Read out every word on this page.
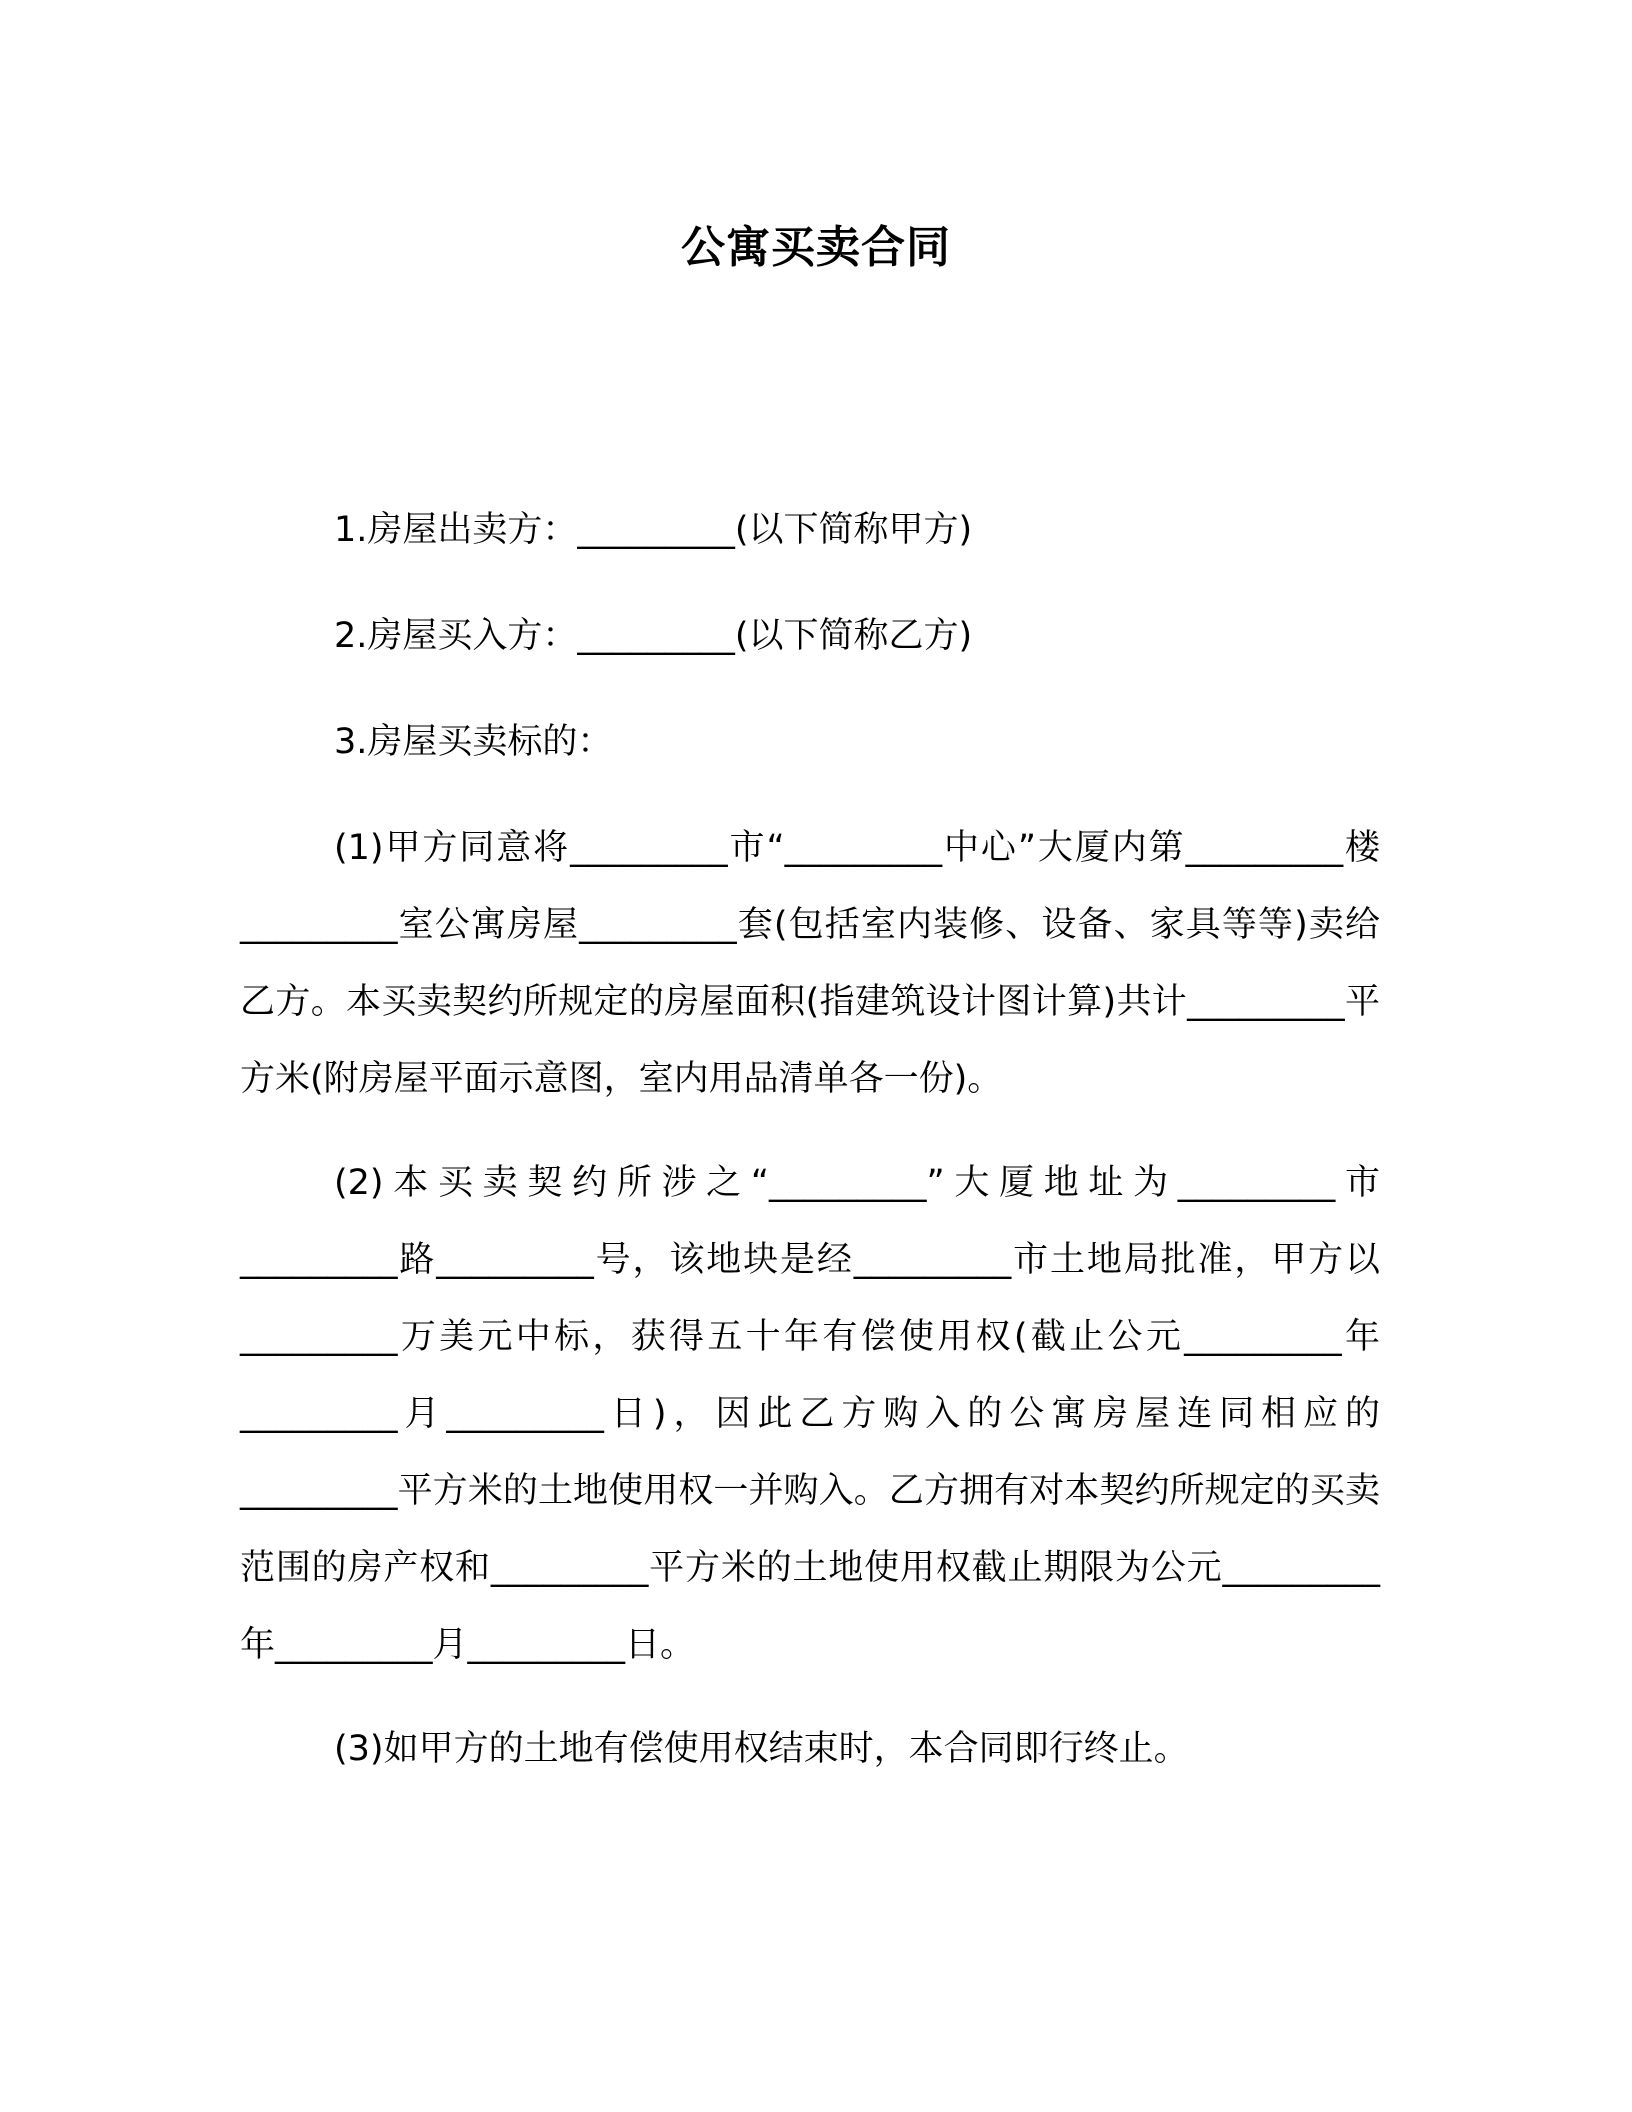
公寓买卖合同

1.房屋出卖方：_________(以下简称甲方)

2.房屋买入方：_________(以下简称乙方)

3.房屋买卖标的：

(1)甲方同意将_________市“_________中心”大厦内第_________楼_________室公寓房屋_________套(包括室内装修、设备、家具等等)卖给乙方。本买卖契约所规定的房屋面积(指建筑设计图计算)共计_________平方米(附房屋平面示意图，室内用品清单各一份)。

(2)本买卖契约所涉之“_________”大厦地址为_________市_________路_________号，该地块是经_________市土地局批准，甲方以_________万美元中标，获得五十年有偿使用权(截止公元_________年_________月_________日)，因此乙方购入的公寓房屋连同相应的_________平方米的土地使用权一并购入。乙方拥有对本契约所规定的买卖范围的房产权和_________平方米的土地使用权截止期限为公元_________年_________月_________日。

(3)如甲方的土地有偿使用权结束时，本合同即行终止。
